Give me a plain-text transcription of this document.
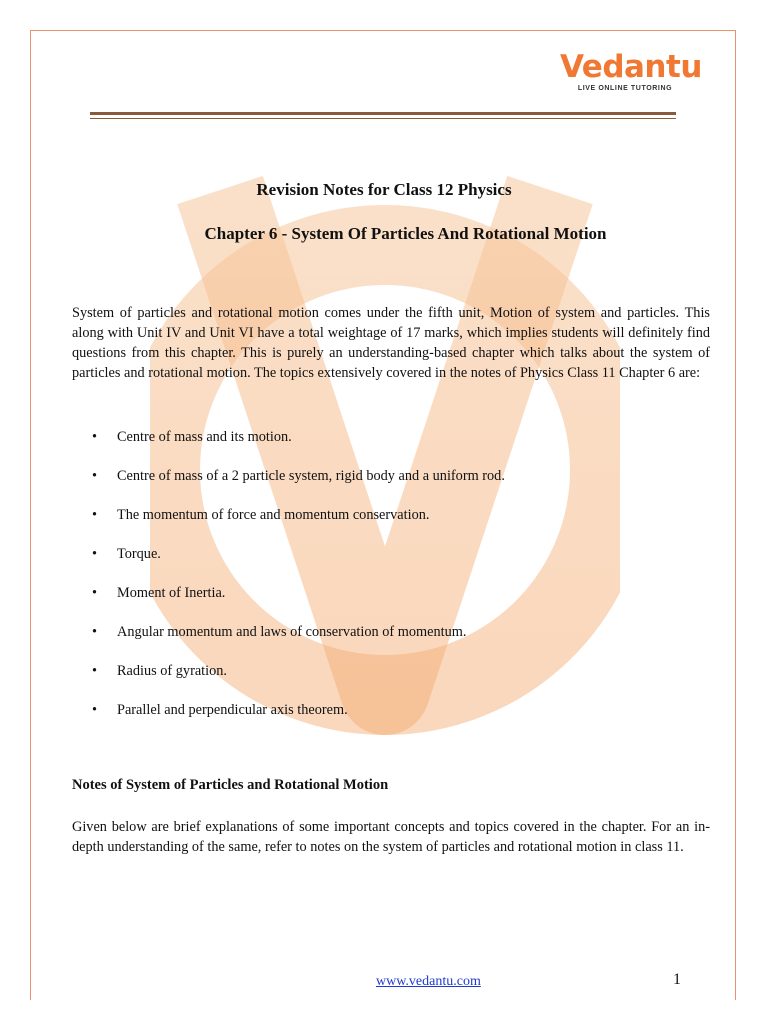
Vedantu
LIVE ONLINE TUTORING
Revision Notes for Class 12 Physics
Chapter 6 - System Of Particles And Rotational Motion

System of particles and rotational motion comes under the fifth unit, Motion of system and particles. This along with Unit IV and Unit VI have a total weightage of 17 marks, which implies students will definitely find questions from this chapter. This is purely an understanding-based chapter which talks about the system of particles and rotational motion. The topics extensively covered in the notes of Physics Class 11 Chapter 6 are:

• Centre of mass and its motion.
• Centre of mass of a 2 particle system, rigid body and a uniform rod.
• The momentum of force and momentum conservation.
• Torque.
• Moment of Inertia.
• Angular momentum and laws of conservation of momentum.
• Radius of gyration.
• Parallel and perpendicular axis theorem.
Notes of System of Particles and Rotational Motion

Given below are brief explanations of some important concepts and topics covered in the chapter. For an in-depth understanding of the same, refer to notes on the system of particles and rotational motion in class 11.

www.vedantu.com	1
